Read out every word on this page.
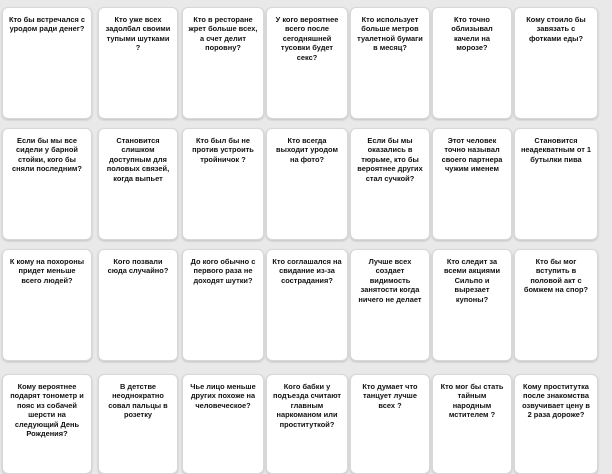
Кто бы встречался с уродом ради денег?
Кто уже всех задолбал своими тупыми шутками ?
Кто в ресторане жрет больше всех, а счет делит поровну?
У кого вероятнее всего после сегодняшней тусовки будет секс?
Кто использует больше метров туалетной бумаги в месяц?
Кто точно облизывал качели на морозе?
Кому стоило бы завязать с фотками еды?
Если бы мы все сидели у барной стойки, кого бы сняли последним?
Становится слишком доступным для половых связей, когда выпьет
Кто был бы не против устроить тройничок ?
Кто всегда выходит уродом на фото?
Если бы мы оказались в тюрьме, кто бы вероятнее других стал сучкой?
Этот человек точно называл своего партнера чужим именем
Становится неадекватным от 1 бутылки пива
К кому на похороны придет меньше всего людей?
Кого позвали сюда случайно?
До кого обычно с первого раза не доходят шутки?
Кто соглашался на свидание из-за сострадания?
Лучше всех создает видимость занятости когда ничего не делает
Кто следит за всеми акциями Сильпо и вырезает купоны?
Кто бы мог вступить в половой акт с бомжем на спор?
Кому вероятнее подарят тонометр и пояс из собачей шерсти на следующий День Рождения?
В детстве неоднократно совал пальцы в розетку
Чье лицо меньше других похоже на человеческое?
Кого бабки у подъезда считают главным наркоманом или проституткой?
Кто думает что танцует лучше всех ?
Кто мог бы стать тайным народным мстителем ?
Кому проститутка после знакомства озвучивает цену в 2 раза дороже?
